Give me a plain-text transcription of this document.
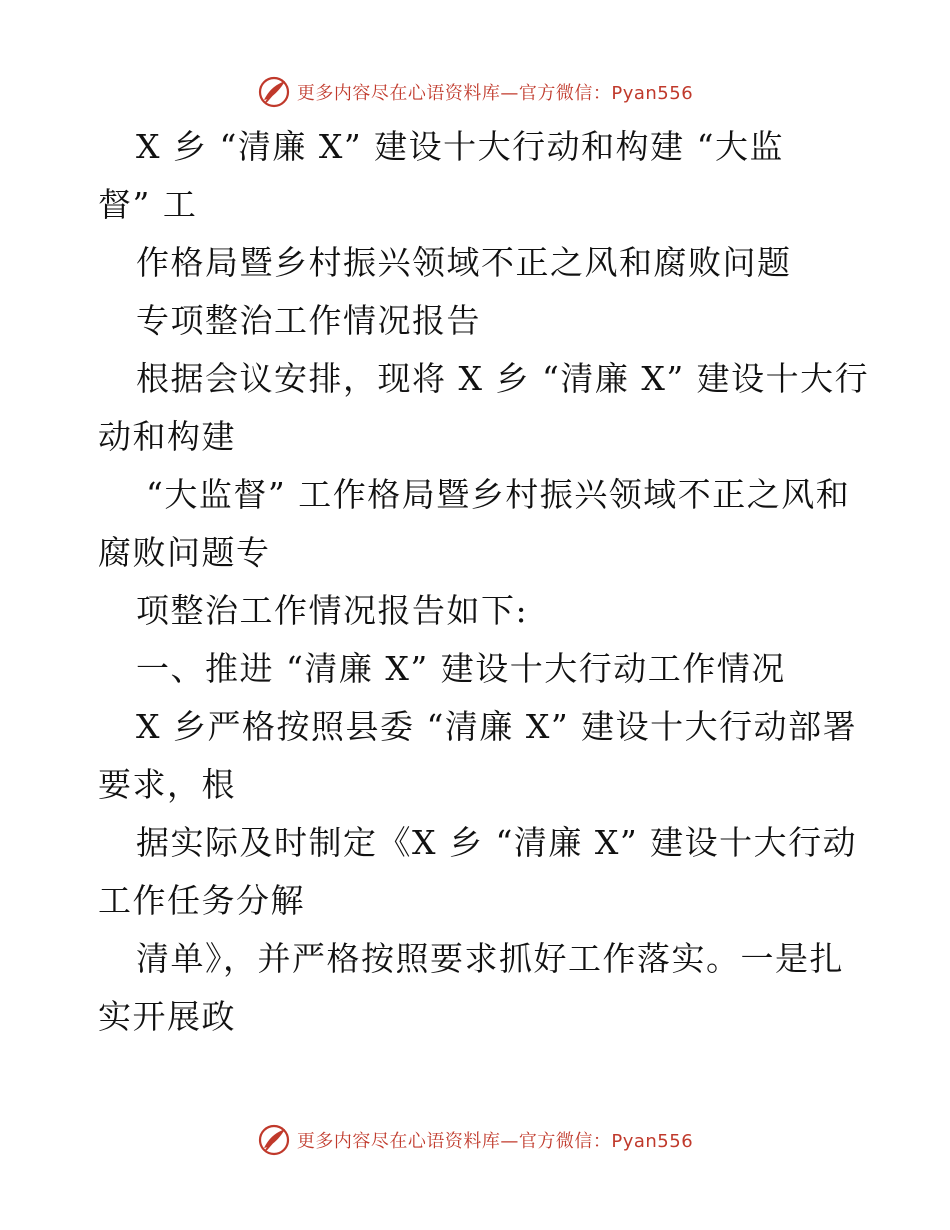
更多内容尽在心语资料库—官方微信：Pyan556
X 乡 “清廉 X” 建设十大行动和构建 “大监
督” 工
作格局暨乡村振兴领域不正之风和腐败问题
专项整治工作情况报告
根据会议安排，现将 X 乡 “清廉 X” 建设十大行
动和构建
“大监督” 工作格局暨乡村振兴领域不正之风和
腐败问题专
项整治工作情况报告如下:
一、推进 “清廉 X” 建设十大行动工作情况
X 乡严格按照县委 “清廉 X” 建设十大行动部署
要求，根
据实际及时制定《X 乡 “清廉 X” 建设十大行动
工作任务分解
清单》，并严格按照要求抓好工作落实。一是扎
实开展政
更多内容尽在心语资料库—官方微信：Pyan556
